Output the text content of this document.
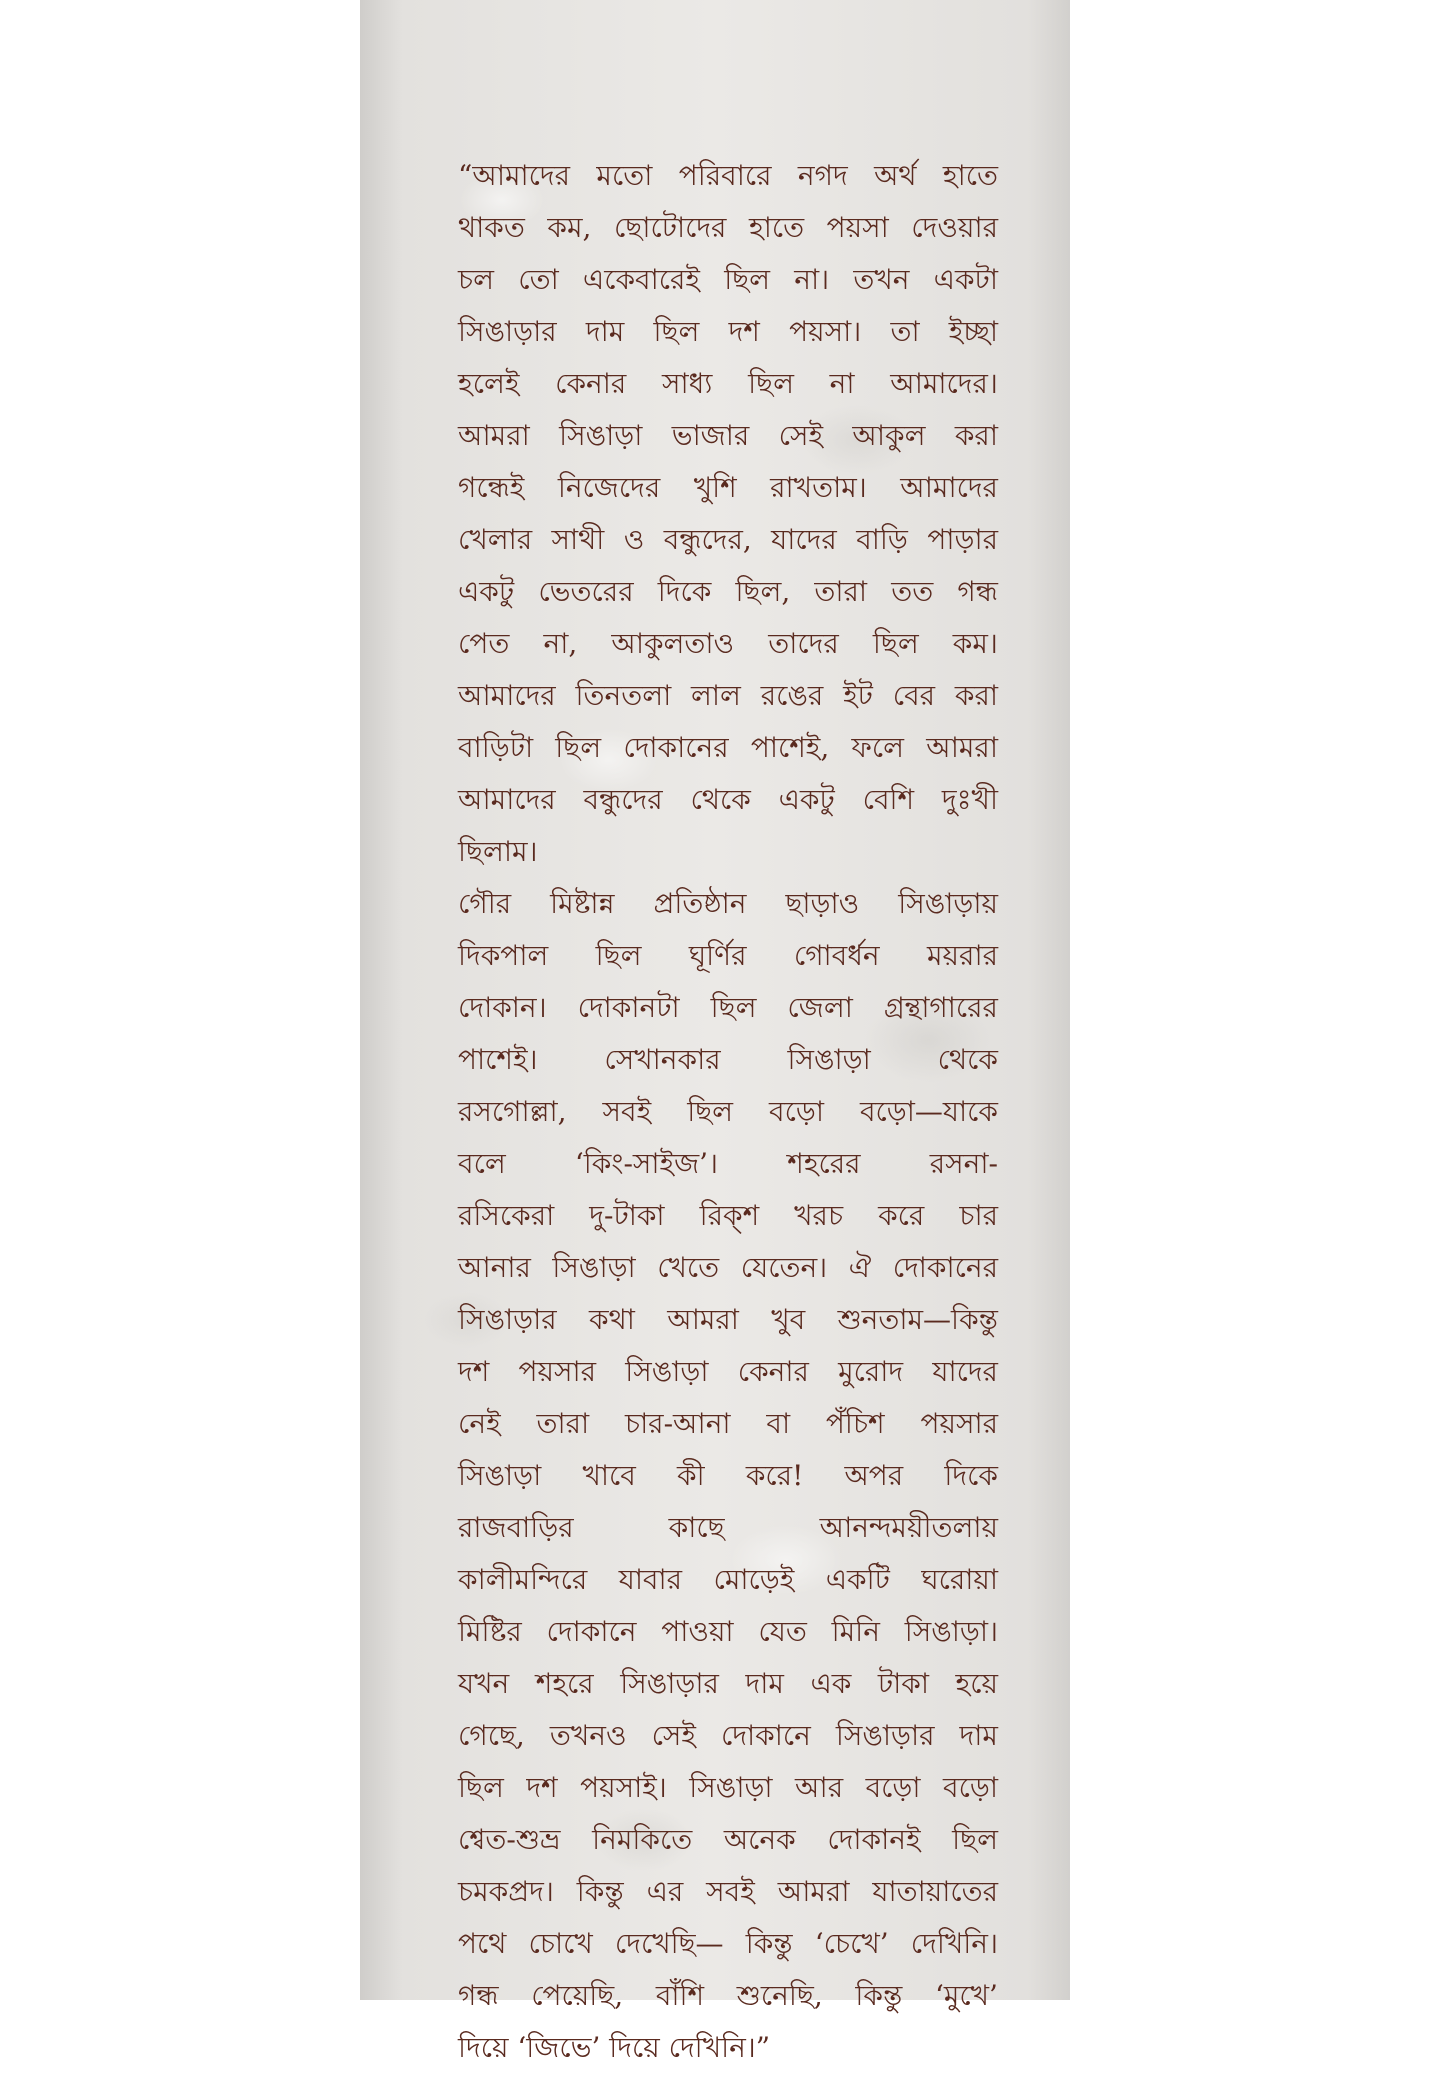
“আমাদের মতো পরিবারে নগদ অর্থ হাতে
থাকত কম, ছোটোদের হাতে পয়সা দেওয়ার
চল তো একেবারেই ছিল না। তখন একটা
সিঙাড়ার দাম ছিল দশ পয়সা। তা ইচ্ছা
হলেই কেনার সাধ্য ছিল না আমাদের।
আমরা সিঙাড়া ভাজার সেই আকুল করা
গন্ধেই নিজেদের খুশি রাখতাম। আমাদের
খেলার সাথী ও বন্ধুদের, যাদের বাড়ি পাড়ার
একটু ভেতরের দিকে ছিল, তারা তত গন্ধ
পেত না, আকুলতাও তাদের ছিল কম।
আমাদের তিনতলা লাল রঙের ইট বের করা
বাড়িটা ছিল দোকানের পাশেই, ফলে আমরা
আমাদের বন্ধুদের থেকে একটু বেশি দুঃখী
ছিলাম।
গৌর মিষ্টান্ন প্রতিষ্ঠান ছাড়াও সিঙাড়ায়
দিকপাল ছিল ঘূর্ণির গোবর্ধন ময়রার
দোকান। দোকানটা ছিল জেলা গ্রন্থাগারের
পাশেই। সেখানকার সিঙাড়া থেকে
রসগোল্লা, সবই ছিল বড়ো বড়ো—যাকে
বলে ‘কিং-সাইজ’। শহরের রসনা-
রসিকেরা দু-টাকা রিক্‌শ খরচ করে চার
আনার সিঙাড়া খেতে যেতেন। ঐ দোকানের
সিঙাড়ার কথা আমরা খুব শুনতাম—কিন্তু
দশ পয়সার সিঙাড়া কেনার মুরোদ যাদের
নেই তারা চার-আনা বা পঁচিশ পয়সার
সিঙাড়া খাবে কী করে! অপর দিকে
রাজবাড়ির	কাছে	আনন্দময়ীতলায়
কালীমন্দিরে যাবার মোড়েই একটি ঘরোয়া
মিষ্টির দোকানে পাওয়া যেত মিনি সিঙাড়া।
যখন শহরে সিঙাড়ার দাম এক টাকা হয়ে
গেছে, তখনও সেই দোকানে সিঙাড়ার দাম
ছিল দশ পয়সাই। সিঙাড়া আর বড়ো বড়ো
শ্বেত-শুভ্র নিমকিতে অনেক দোকানই ছিল
চমকপ্রদ। কিন্তু এর সবই আমরা যাতায়াতের
পথে চোখে দেখেছি— কিন্তু ‘চেখে’ দেখিনি।
গন্ধ পেয়েছি, বাঁশি শুনেছি, কিন্তু ‘মুখে’
দিয়ে ‘জিভে’ দিয়ে দেখিনি।”
